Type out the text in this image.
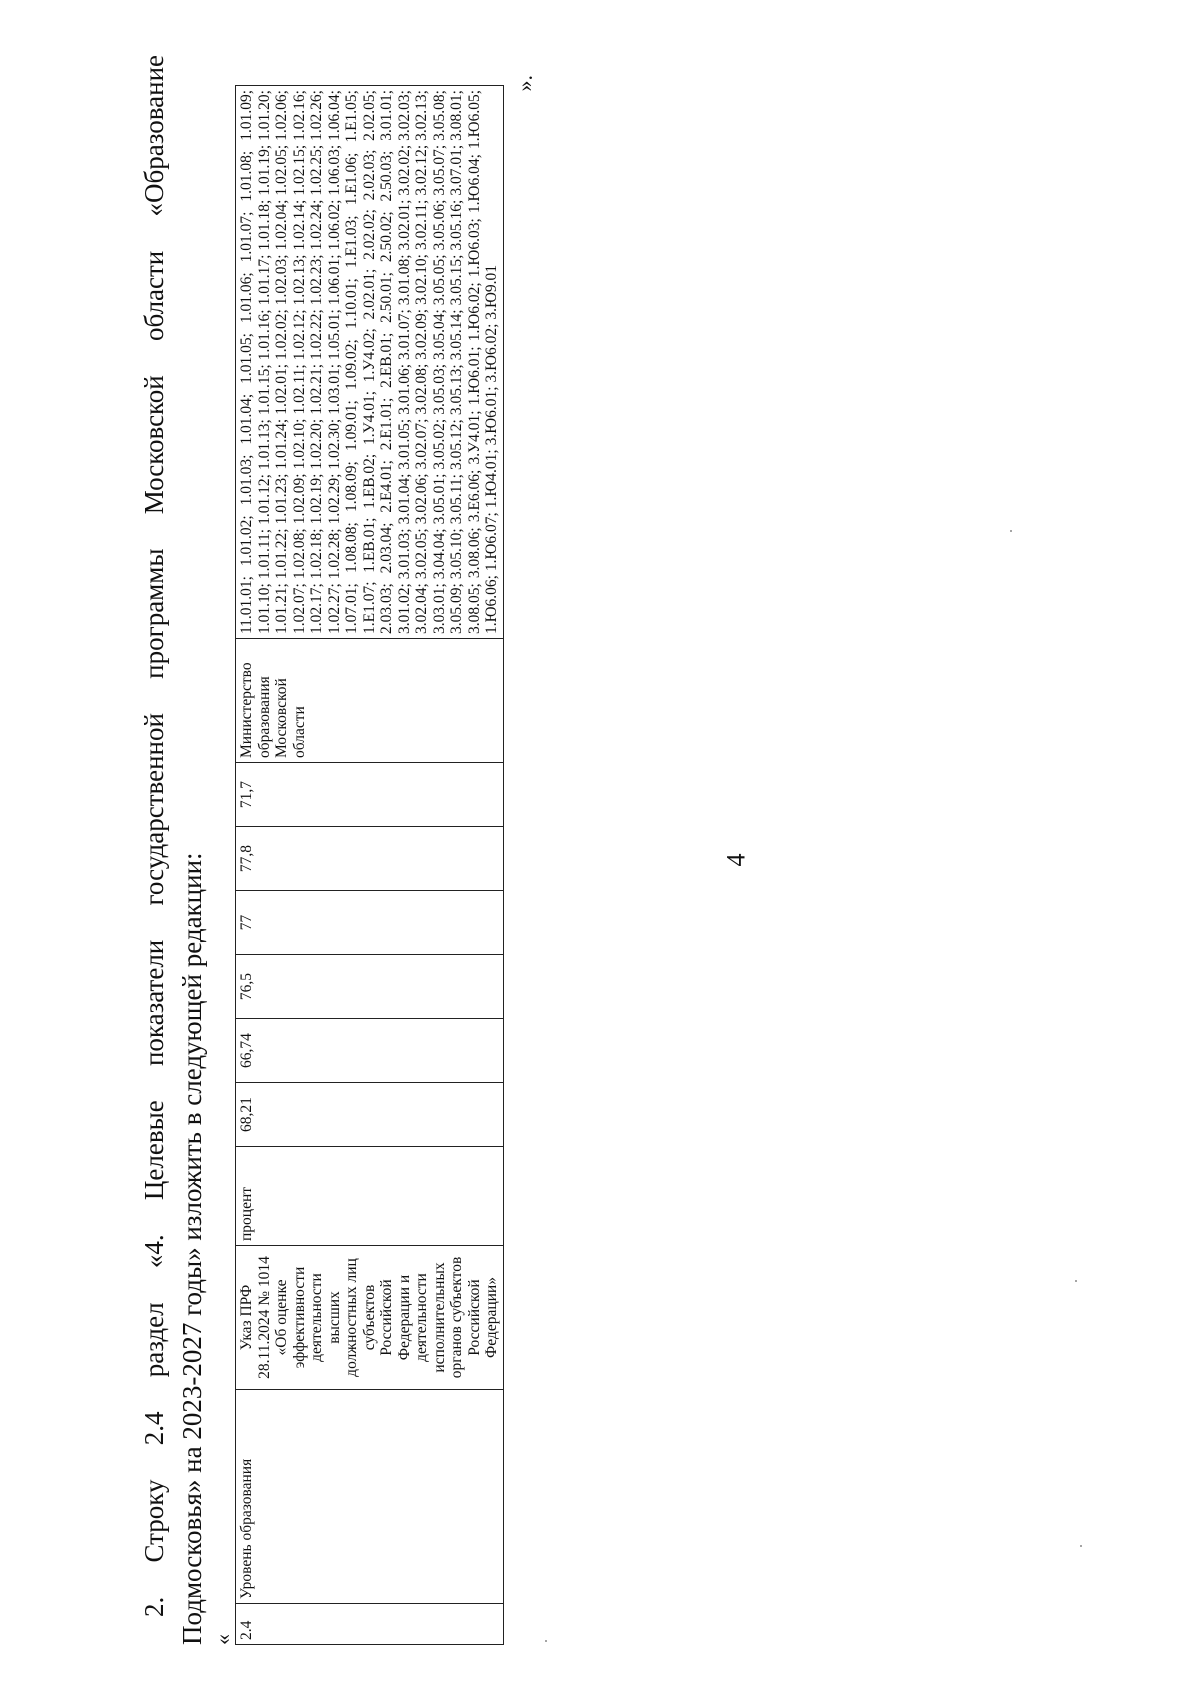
4

2. Строку 2.4 раздел «4. Целевые показатели государственной программы Московской области «Образование Подмосковья» на 2023-2027 годы» изложить в следующей редакции: « 2.4	Уровень образования	Указ ПРФ 28.11.2024 № 1014 «Об оценке эффективности деятельности высших должностных лиц субъектов Российской Федерации и деятельности исполнительных органов субъектов Российской Федерации»	процент	68,21	66,74	76,5	77	77,8	71,7	Министерство образования Московской области	11.01.01; 1.01.02; 1.01.03; 1.01.04; 1.01.05; 1.01.06; 1.01.07; 1.01.08; 1.01.09; 1.01.10; 1.01.11; 1.01.12; 1.01.13; 1.01.15; 1.01.16; 1.01.17; 1.01.18; 1.01.19; 1.01.20; 1.01.21; 1.01.22; 1.01.23; 1.01.24; 1.02.01; 1.02.02; 1.02.03; 1.02.04; 1.02.05; 1.02.06; 1.02.07; 1.02.08; 1.02.09; 1.02.10; 1.02.11; 1.02.12; 1.02.13; 1.02.14; 1.02.15; 1.02.16; 1.02.17; 1.02.18; 1.02.19; 1.02.20; 1.02.21; 1.02.22; 1.02.23; 1.02.24; 1.02.25; 1.02.26; 1.02.27; 1.02.28; 1.02.29; 1.02.30; 1.03.01; 1.05.01; 1.06.01; 1.06.02; 1.06.03; 1.06.04; 1.07.01; 1.08.08; 1.08.09; 1.09.01; 1.09.02; 1.10.01; 1.Е1.03; 1.Е1.06; 1.Е1.05; 1.Е1.07; 1.ЕВ.01; 1.ЕВ.02; 1.У4.01; 1.У4.02; 2.02.01; 2.02.02; 2.02.03; 2.02.05; 2.03.03; 2.03.04; 2.Е4.01; 2.Е1.01; 2.ЕВ.01; 2.50.01; 2.50.02; 2.50.03; 3.01.01; 3.01.02; 3.01.03; 3.01.04; 3.01.05; 3.01.06; 3.01.07; 3.01.08; 3.02.01; 3.02.02; 3.02.03; 3.02.04; 3.02.05; 3.02.06; 3.02.07; 3.02.08; 3.02.09; 3.02.10; 3.02.11; 3.02.12; 3.02.13; 3.03.01; 3.04.04; 3.05.01; 3.05.02; 3.05.03; 3.05.04; 3.05.05; 3.05.06; 3.05.07; 3.05.08; 3.05.09; 3.05.10; 3.05.11; 3.05.12; 3.05.13; 3.05.14; 3.05.15; 3.05.16; 3.07.01; 3.08.01; 3.08.05; 3.08.06; 3.Е6.06; 3.У4.01; 1.Ю6.01; 1.Ю6.02; 1.Ю6.03; 1.Ю6.04; 1.Ю6.05; 1.Ю6.06; 1.Ю6.07; 1.Ю4.01; 3.Ю6.01; 3.Ю6.02; 3.Ю9.01
».
